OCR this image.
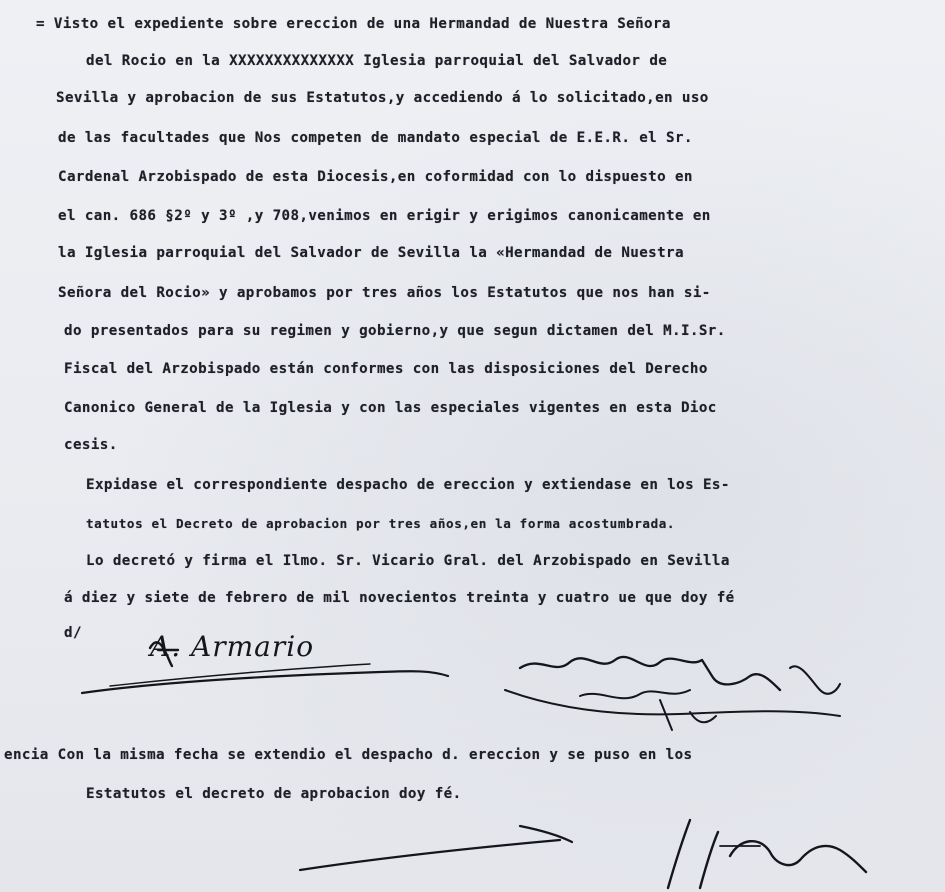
= Visto el expediente sobre ereccion de una Hermandad de Nuestra Señora
del Rocio en la XXXXXXXXXXXXXX Iglesia parroquial del Salvador de
Sevilla y aprobacion de sus Estatutos,y accediendo á lo solicitado,en uso
de las facultades que Nos competen de mandato especial de E.E.R. el Sr.
Cardenal Arzobispado de esta Diocesis,en coformidad con lo dispuesto en
el can. 686 §2º y 3º ,y 708,venimos en erigir y erigimos canonicamente en
la Iglesia parroquial del Salvador de Sevilla la «Hermandad de Nuestra
Señora del Rocio» y aprobamos por tres años los Estatutos que nos han si-
do presentados para su regimen y gobierno,y que segun dictamen del M.I.Sr.
Fiscal del Arzobispado están conformes con las disposiciones del Derecho
Canonico General de la Iglesia y con las especiales vigentes en esta Dioc
cesis.
Expidase el correspondiente despacho de ereccion y extiendase en los Es-
tatutos el Decreto de aprobacion por tres años,en la forma acostumbrada.
Lo decretó y firma el Ilmo. Sr. Vicario Gral. del Arzobispado en Sevilla
á diez y siete de febrero de mil novecientos treinta y cuatro ue que doy fé
d/
encia Con la misma fecha se extendio el despacho d. ereccion y se puso en los
Estatutos el decreto de aprobacion doy fé.
A. Armario
